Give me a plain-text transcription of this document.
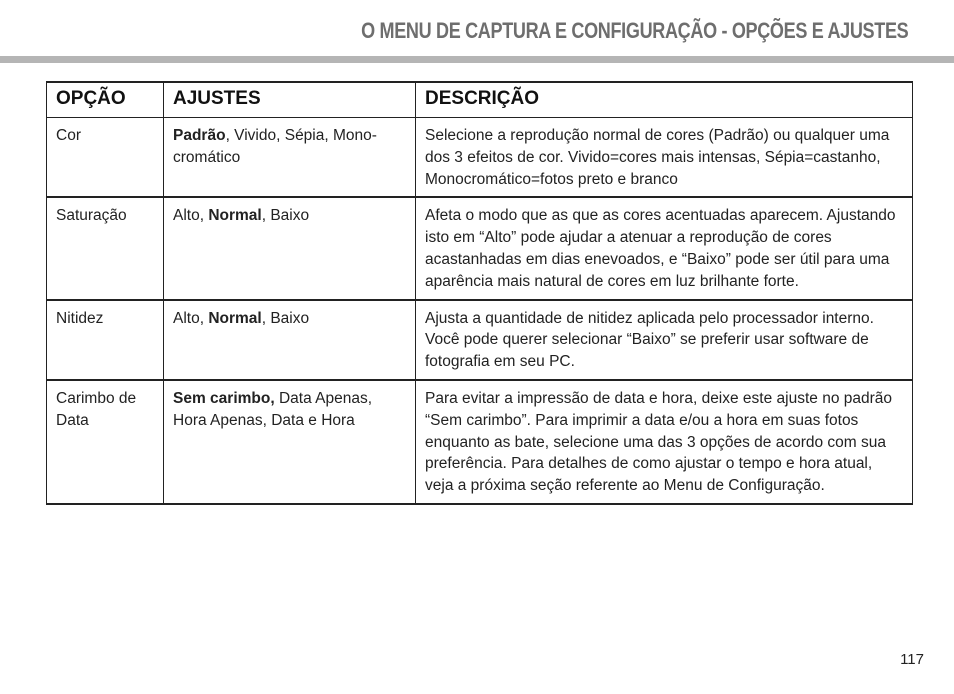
O MENU DE CAPTURA E CONFIGURAÇÃO - OPÇÕES E AJUSTES
OPÇÃO	AJUSTES	DESCRIÇÃO
Cor	Padrão, Vivido, Sépia, Mono-cromático	Selecione a reprodução normal de cores (Padrão) ou qualquer uma dos 3 efeitos de cor. Vivido=cores mais intensas, Sépia=castanho, Monocromático=fotos preto e branco
Saturação	Alto, Normal, Baixo	Afeta o modo que as que as cores acentuadas aparecem. Ajustando isto em “Alto” pode ajudar a atenuar a reprodução de cores acastanhadas em dias enevoados, e “Baixo” pode ser útil para uma aparência mais natural de cores em luz brilhante forte.
Nitidez	Alto, Normal, Baixo	Ajusta a quantidade de nitidez aplicada pelo processador interno. Você pode querer selecionar “Baixo” se preferir usar software de fotografia em seu PC.
Carimbo de Data	Sem carimbo, Data Apenas, Hora Apenas, Data e Hora	Para evitar a impressão de data e hora, deixe este ajuste no padrão “Sem carimbo”. Para imprimir a data e/ou a hora em suas fotos enquanto as bate, selecione uma das 3 opções de acordo com sua preferência. Para detalhes de como ajustar o tempo e hora atual, veja a próxima seção referente ao Menu de Configuração.
117
